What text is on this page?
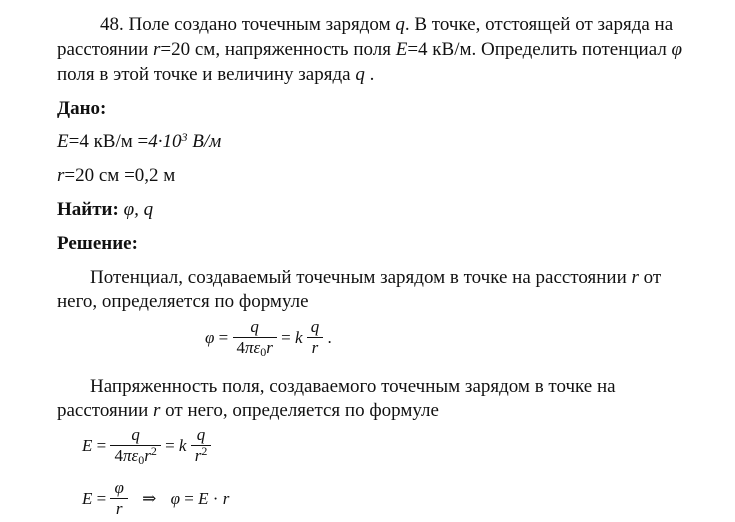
48. Поле создано точечным зарядом q. В точке, отстоящей от заряда на
расстоянии r=20 см, напряженность поля E=4 кВ/м. Определить потенциал φ
поля в этой точке и величину заряда q .
Дано:
E=4 $кВ/м =4\cdot 10^3$ В/м
r=20 см =0,2 м
Найти: φ, q
Решение:
Потенциал, создаваемый точечным зарядом в точке на расстоянии r от
него, определяется по формуле
$\varphi = \frac{q}{4\pi\varepsilon_0r} = k \frac{q}{r}$ .
Напряженность поля, создаваемого точечным зарядом в точке на
расстоянии r от него, определяется по формуле
$E = \frac{q}{4\pi\varepsilon_0r^2} = k \frac{q}{r^2}$
$E = \frac{\varphi}{r}$ ⇒ φ = E · r
